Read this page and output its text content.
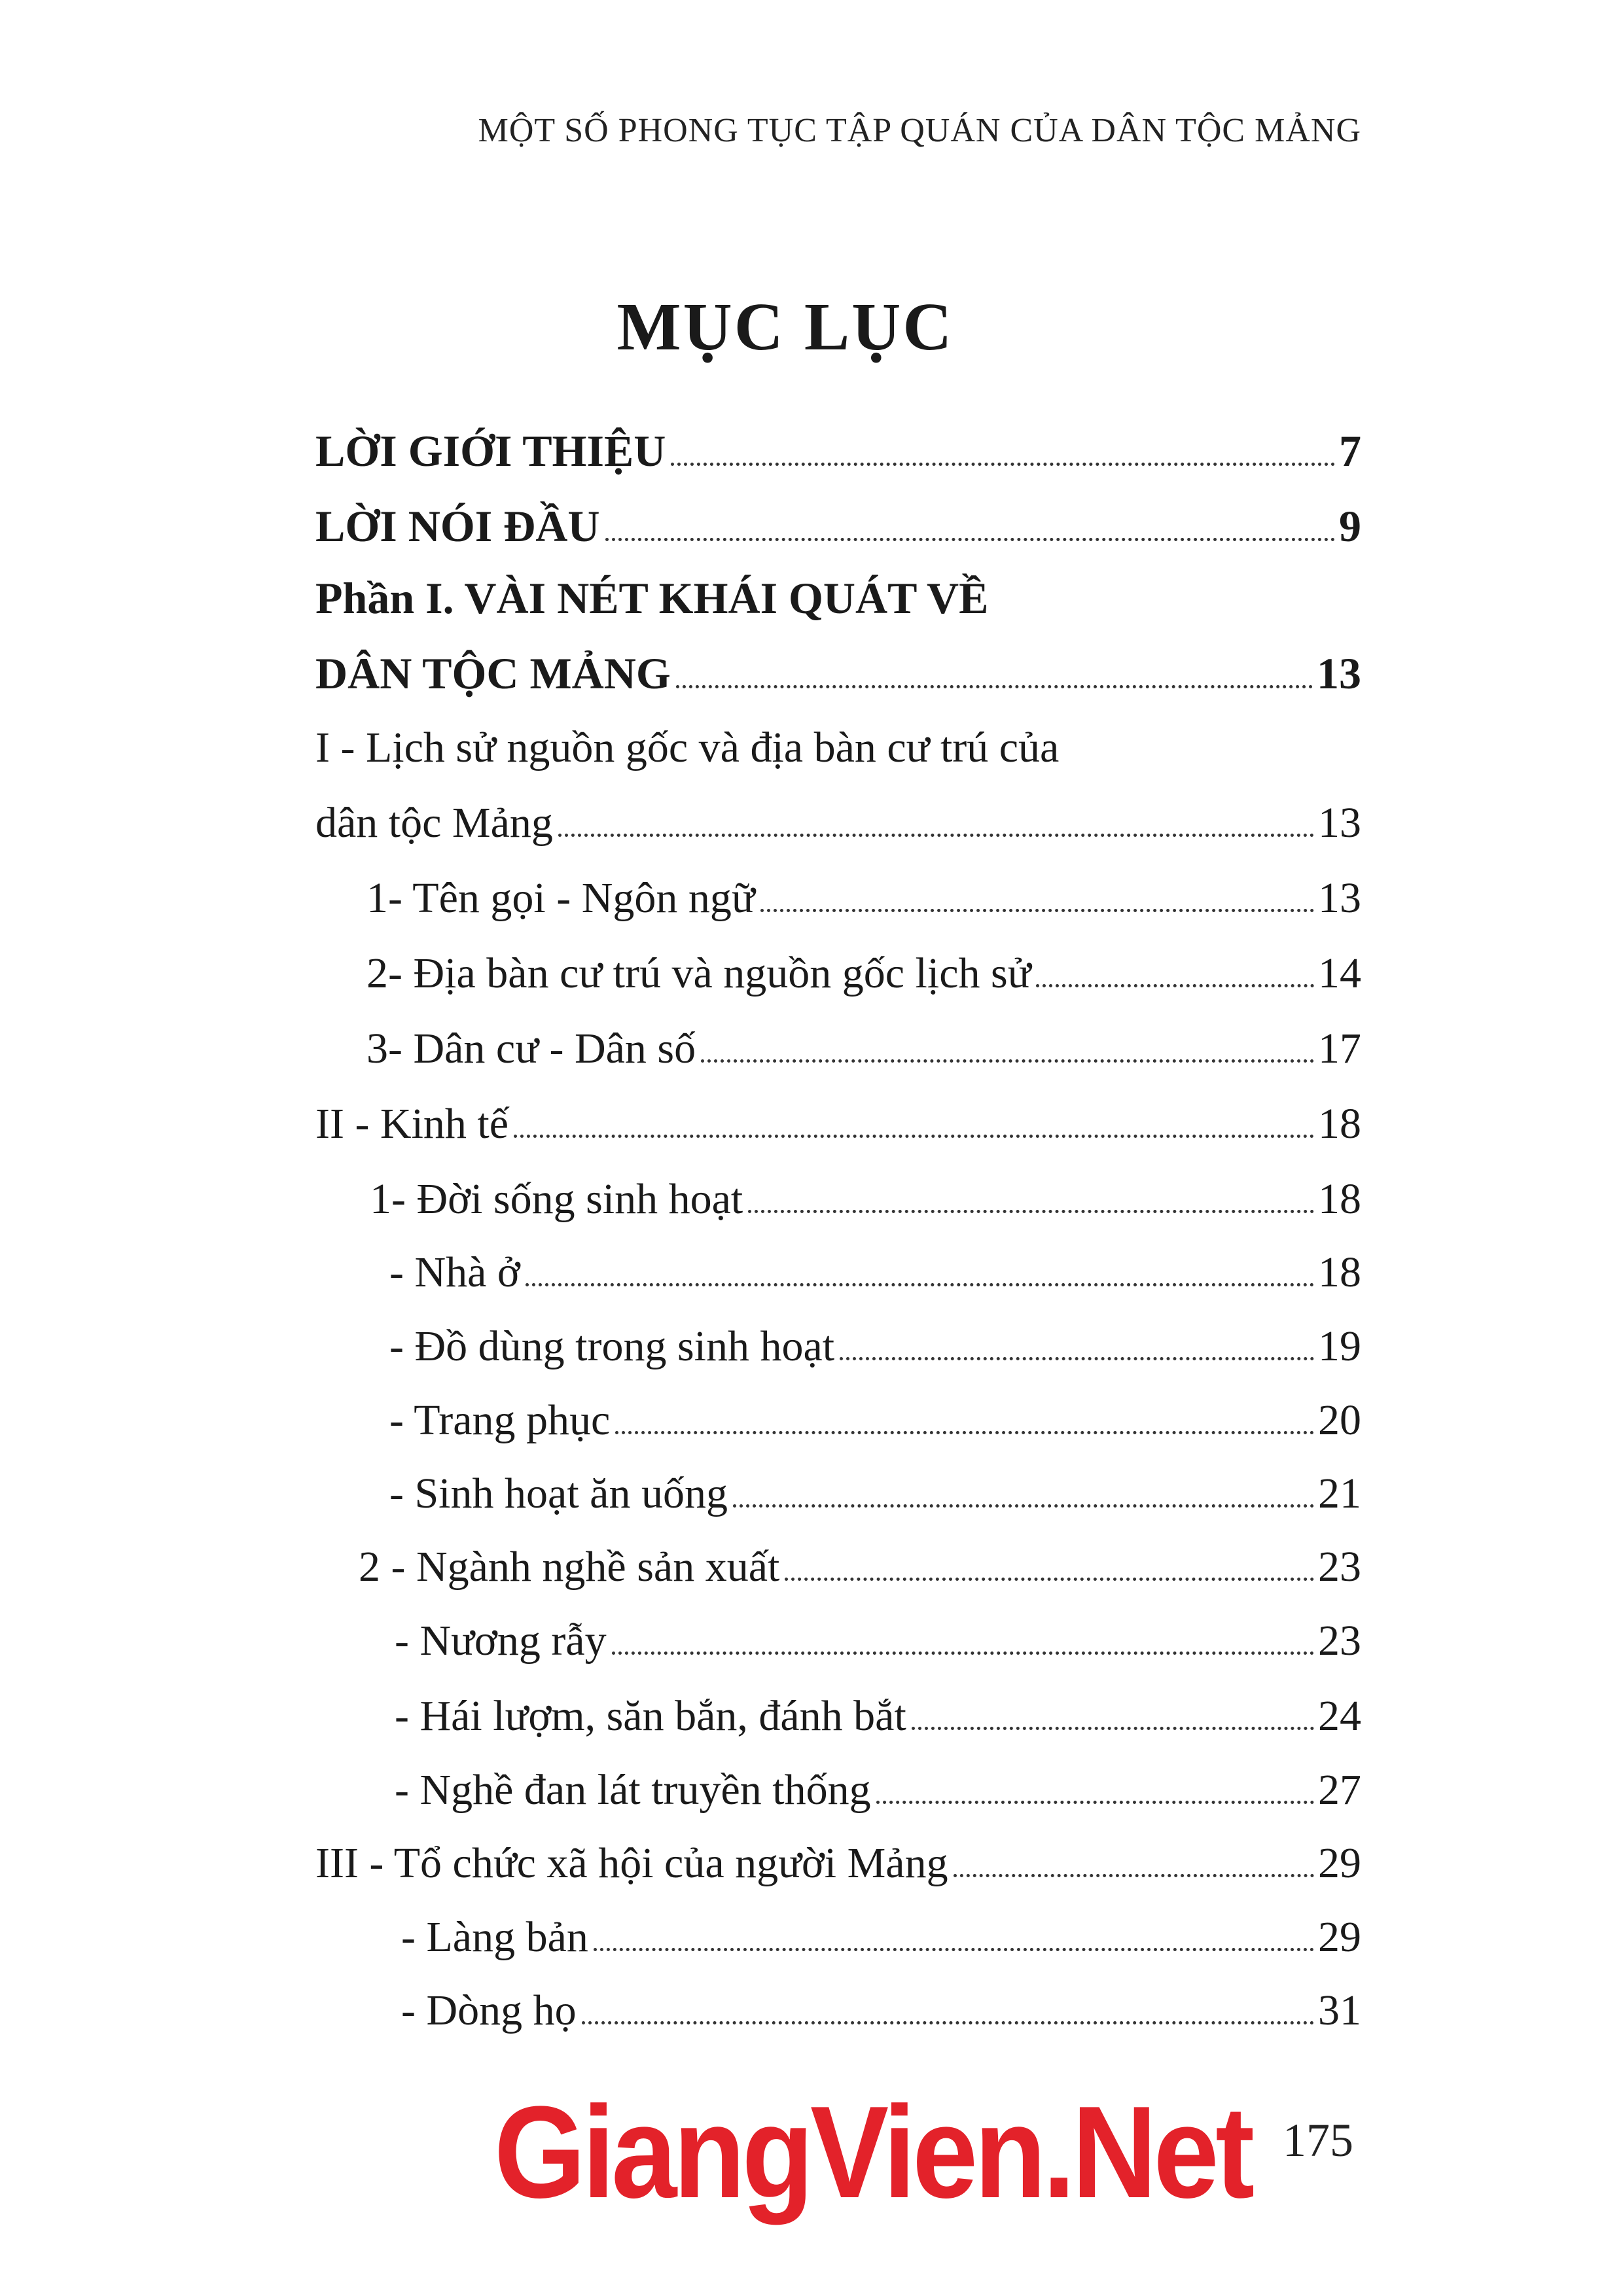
MỘT SỐ PHONG TỤC TẬP QUÁN CỦA DÂN TỘC MẢNG
MỤC LỤC
LỜI GIỚI THIỆU	7
LỜI NÓI ĐẦU	9
Phần I. VÀI NÉT KHÁI QUÁT VỀ
DÂN TỘC MẢNG	13
I - Lịch sử nguồn gốc và địa bàn cư trú của
dân tộc Mảng	13
1- Tên gọi - Ngôn ngữ	13
2- Địa bàn cư trú và nguồn gốc lịch sử	14
3- Dân cư - Dân số	17
II - Kinh tế	18
1- Đời sống sinh hoạt	18
- Nhà ở	18
- Đồ dùng trong sinh hoạt	19
- Trang phục	20
- Sinh hoạt ăn uống	21
2 - Ngành nghề sản xuất	23
- Nương rẫy	23
- Hái lượm, săn bắn, đánh bắt	24
- Nghề đan lát truyền thống	27
III - Tổ chức xã hội của người Mảng	29
- Làng bản	29
- Dòng họ	31
GiangVien.Net 175
